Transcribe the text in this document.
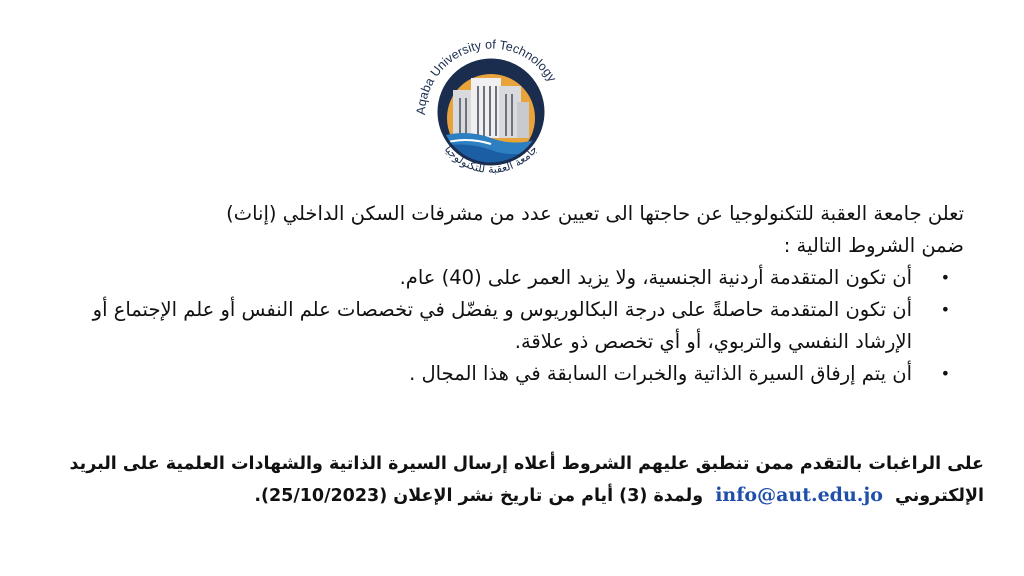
Aqaba University of Technology
جامعة العقبة للتكنولوجيا

تعلن جامعة العقبة للتكنولوجيا عن حاجتها الى تعيين عدد من مشرفات السكن الداخلي (إناث)

ضمن الشروط التالية :

•
أن تكون المتقدمة أردنية الجنسية، ولا يزيد العمر على (40) عام.
•
أن تكون المتقدمة حاصلةً على درجة البكالوريوس و يفضّل في تخصصات علم النفس أو علم الإجتماع أو الإرشاد النفسي والتربوي، أو أي تخصص ذو علاقة.
•
أن يتم إرفاق السيرة الذاتية والخبرات السابقة في هذا المجال .

على الراغبات بالتقدم ممن تنطبق عليهم الشروط أعلاه إرسال السيرة الذاتية والشهادات العلمية على البريد

الإلكتروني info@aut.edu.jo ولمدة (3) أيام من تاريخ نشر الإعلان (25/10/2023).
